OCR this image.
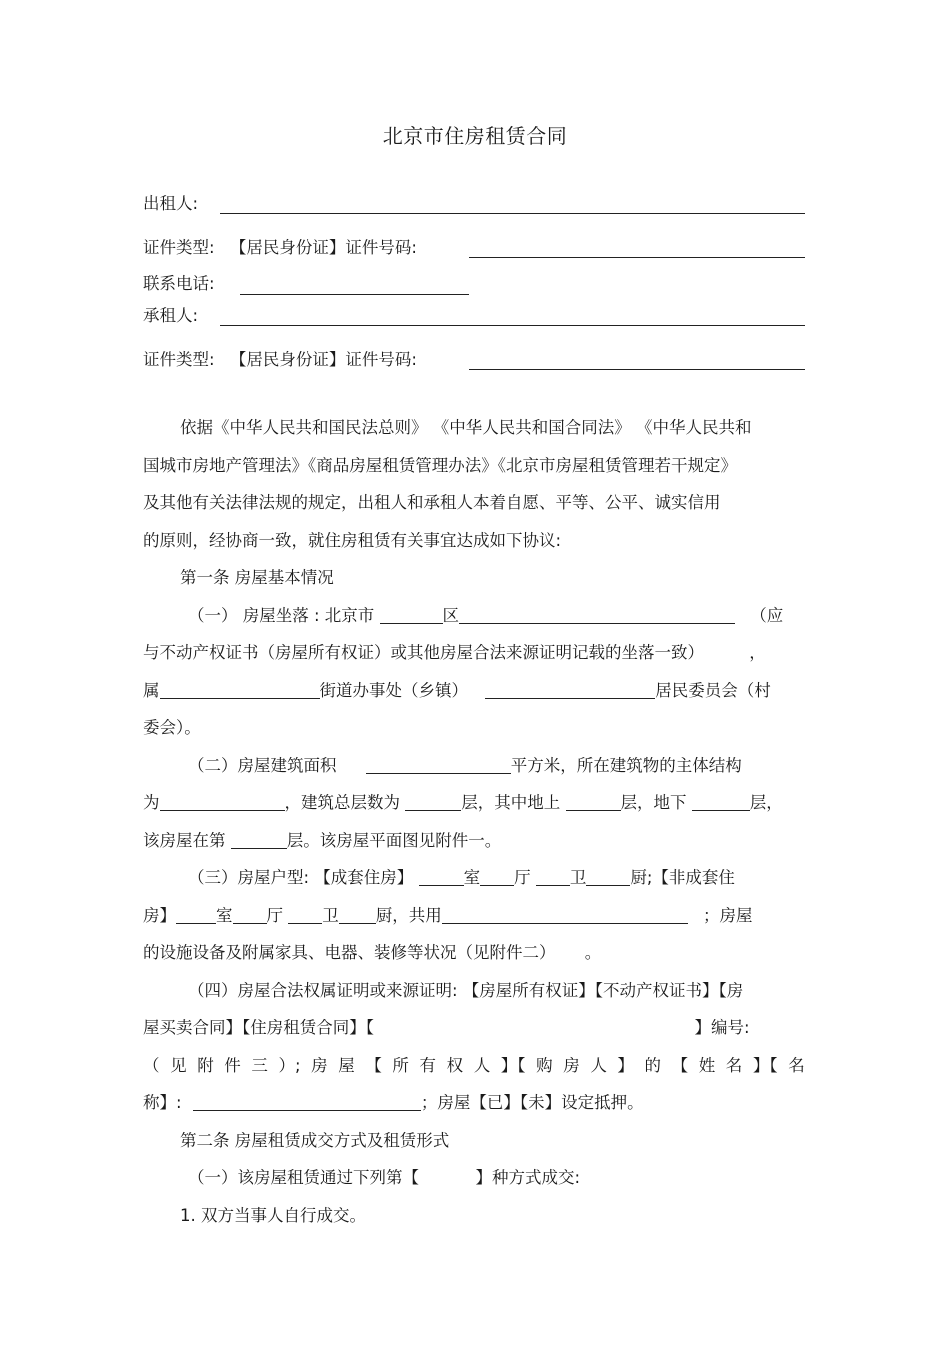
北京市住房租赁合同
出租人:
证件类型: 【居民身份证】证件号码:
联系电话:
承租人:
证件类型: 【居民身份证】证件号码:
依据《中华人民共和国民法总则》 《中华人民共和国合同法》 《中华人民共和
国城市房地产管理法》《商品房屋租赁管理办法》《北京市房屋租赁管理若干规定》
及其他有关法律法规的规定，出租人和承租人本着自愿、平等、公平、诚实信用
的原则，经协商一致，就住房租赁有关事宜达成如下协议:
第一条 房屋基本情况
（一） 房屋坐落 : 北京市	区	（应
与不动产权证书（房屋所有权证）或其他房屋合法来源证明记载的坐落一致）	，
属	街道办事处（乡镇）	居民委员会（村
委会）。
（二）房屋建筑面积	平方米，所在建筑物的主体结构
为	，建筑总层数为	层，其中地上	层，地下	层，
该房屋在第	层。该房屋平面图见附件一。
（三）房屋户型: 【成套住房】	室 厅 卫	厨;【非成套住
房】 室 厅 卫 厨，共用	；房屋
的设施设备及附属家具、电器、装修等状况（见附件二） 。
（四）房屋合法权属证明或来源证明: 【房屋所有权证】【不动产权证书】【房
屋买卖合同】【住房租赁合同】【	】编号:
（ 见 附 件 三 ）; 房 屋 【 所 有 权 人 】【 购 房 人 】 的 【 姓 名 】【 名
称】:	；房屋【已】【未】设定抵押。
第二条 房屋租赁成交方式及租赁形式
（一）该房屋租赁通过下列第【	】种方式成交:
1. 双方当事人自行成交。
